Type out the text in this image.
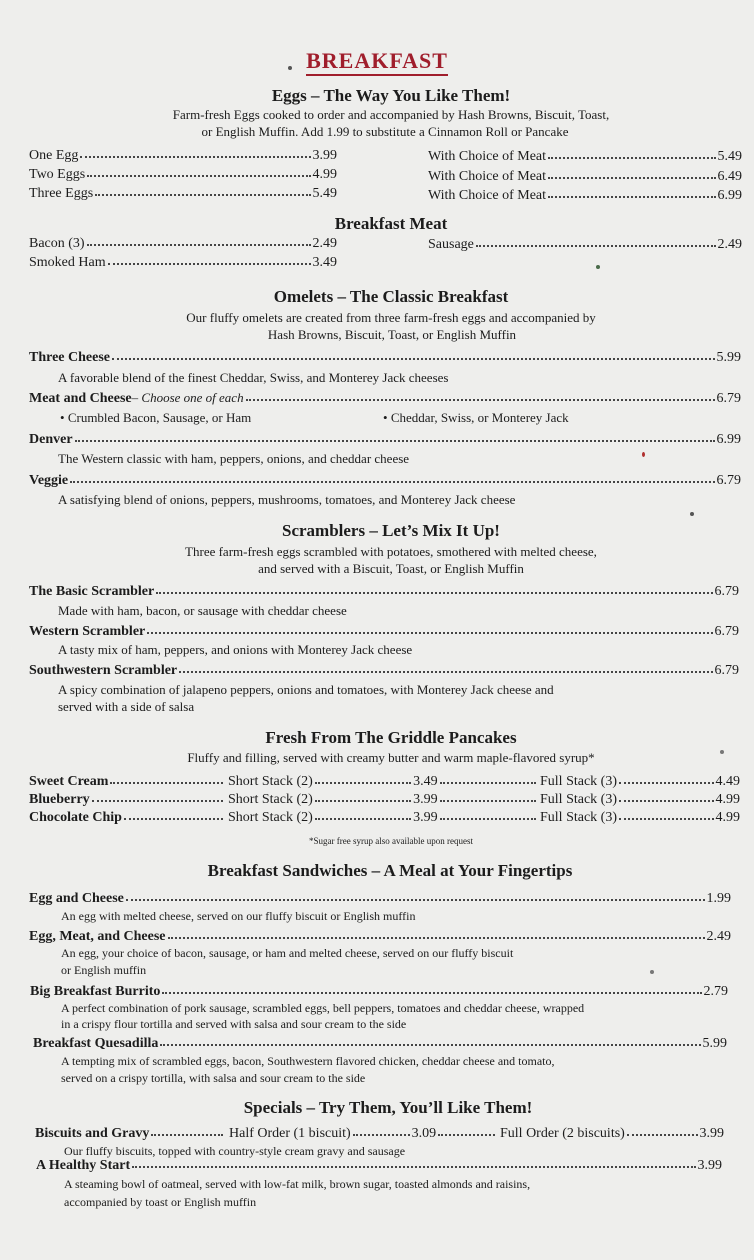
BREAKFAST
Eggs – The Way You Like Them!
Farm-fresh Eggs cooked to order and accompanied by Hash Browns, Biscuit, Toast,
or English Muffin. Add 1.99 to substitute a Cinnamon Roll or Pancake
One Egg	3.99
Two Eggs	4.99
Three Eggs	5.49
With Choice of Meat	5.49
With Choice of Meat	6.49
With Choice of Meat	6.99
Breakfast Meat
Bacon (3)	2.49
Smoked Ham	3.49
Sausage	2.49
Omelets – The Classic Breakfast
Our fluffy omelets are created from three farm-fresh eggs and accompanied by
Hash Browns, Biscuit, Toast, or English Muffin
Three Cheese	5.99
A favorable blend of the finest Cheddar, Swiss, and Monterey Jack cheeses
Meat and Cheese – Choose one of each	6.79
• Crumbled Bacon, Sausage, or Ham	• Cheddar, Swiss, or Monterey Jack
Denver	6.99
The Western classic with ham, peppers, onions, and cheddar cheese
Veggie	6.79
A satisfying blend of onions, peppers, mushrooms, tomatoes, and Monterey Jack cheese
Scramblers – Let’s Mix It Up!
Three farm-fresh eggs scrambled with potatoes, smothered with melted cheese,
and served with a Biscuit, Toast, or English Muffin
The Basic Scrambler	6.79
Made with ham, bacon, or sausage with cheddar cheese
Western Scrambler	6.79
A tasty mix of ham, peppers, and onions with Monterey Jack cheese
Southwestern Scrambler	6.79
A spicy combination of jalapeno peppers, onions and tomatoes, with Monterey Jack cheese and
served with a side of salsa
Fresh From The Griddle Pancakes
Fluffy and filling, served with creamy butter and warm maple-flavored syrup*
Sweet Cream	Short Stack (2)	3.49	Full Stack (3)	4.49
Blueberry	Short Stack (2)	3.99	Full Stack (3)	4.99
Chocolate Chip	Short Stack (2)	3.99	Full Stack (3)	4.99
*Sugar free syrup also available upon request
Breakfast Sandwiches – A Meal at Your Fingertips
Egg and Cheese	1.99
An egg with melted cheese, served on our fluffy biscuit or English muffin
Egg, Meat, and Cheese	2.49
An egg, your choice of bacon, sausage, or ham and melted cheese, served on our fluffy biscuit
or English muffin
Big Breakfast Burrito	2.79
A perfect combination of pork sausage, scrambled eggs, bell peppers, tomatoes and cheddar cheese, wrapped
in a crispy flour tortilla and served with salsa and sour cream to the side
Breakfast Quesadilla	5.99
A tempting mix of scrambled eggs, bacon, Southwestern flavored chicken, cheddar cheese and tomato,
served on a crispy tortilla, with salsa and sour cream to the side
Specials – Try Them, You’ll Like Them!
Biscuits and Gravy	Half Order (1 biscuit)	3.09	Full Order (2 biscuits)	3.99
Our fluffy biscuits, topped with country-style cream gravy and sausage
A Healthy Start	3.99
A steaming bowl of oatmeal, served with low-fat milk, brown sugar, toasted almonds and raisins,
accompanied by toast or English muffin
